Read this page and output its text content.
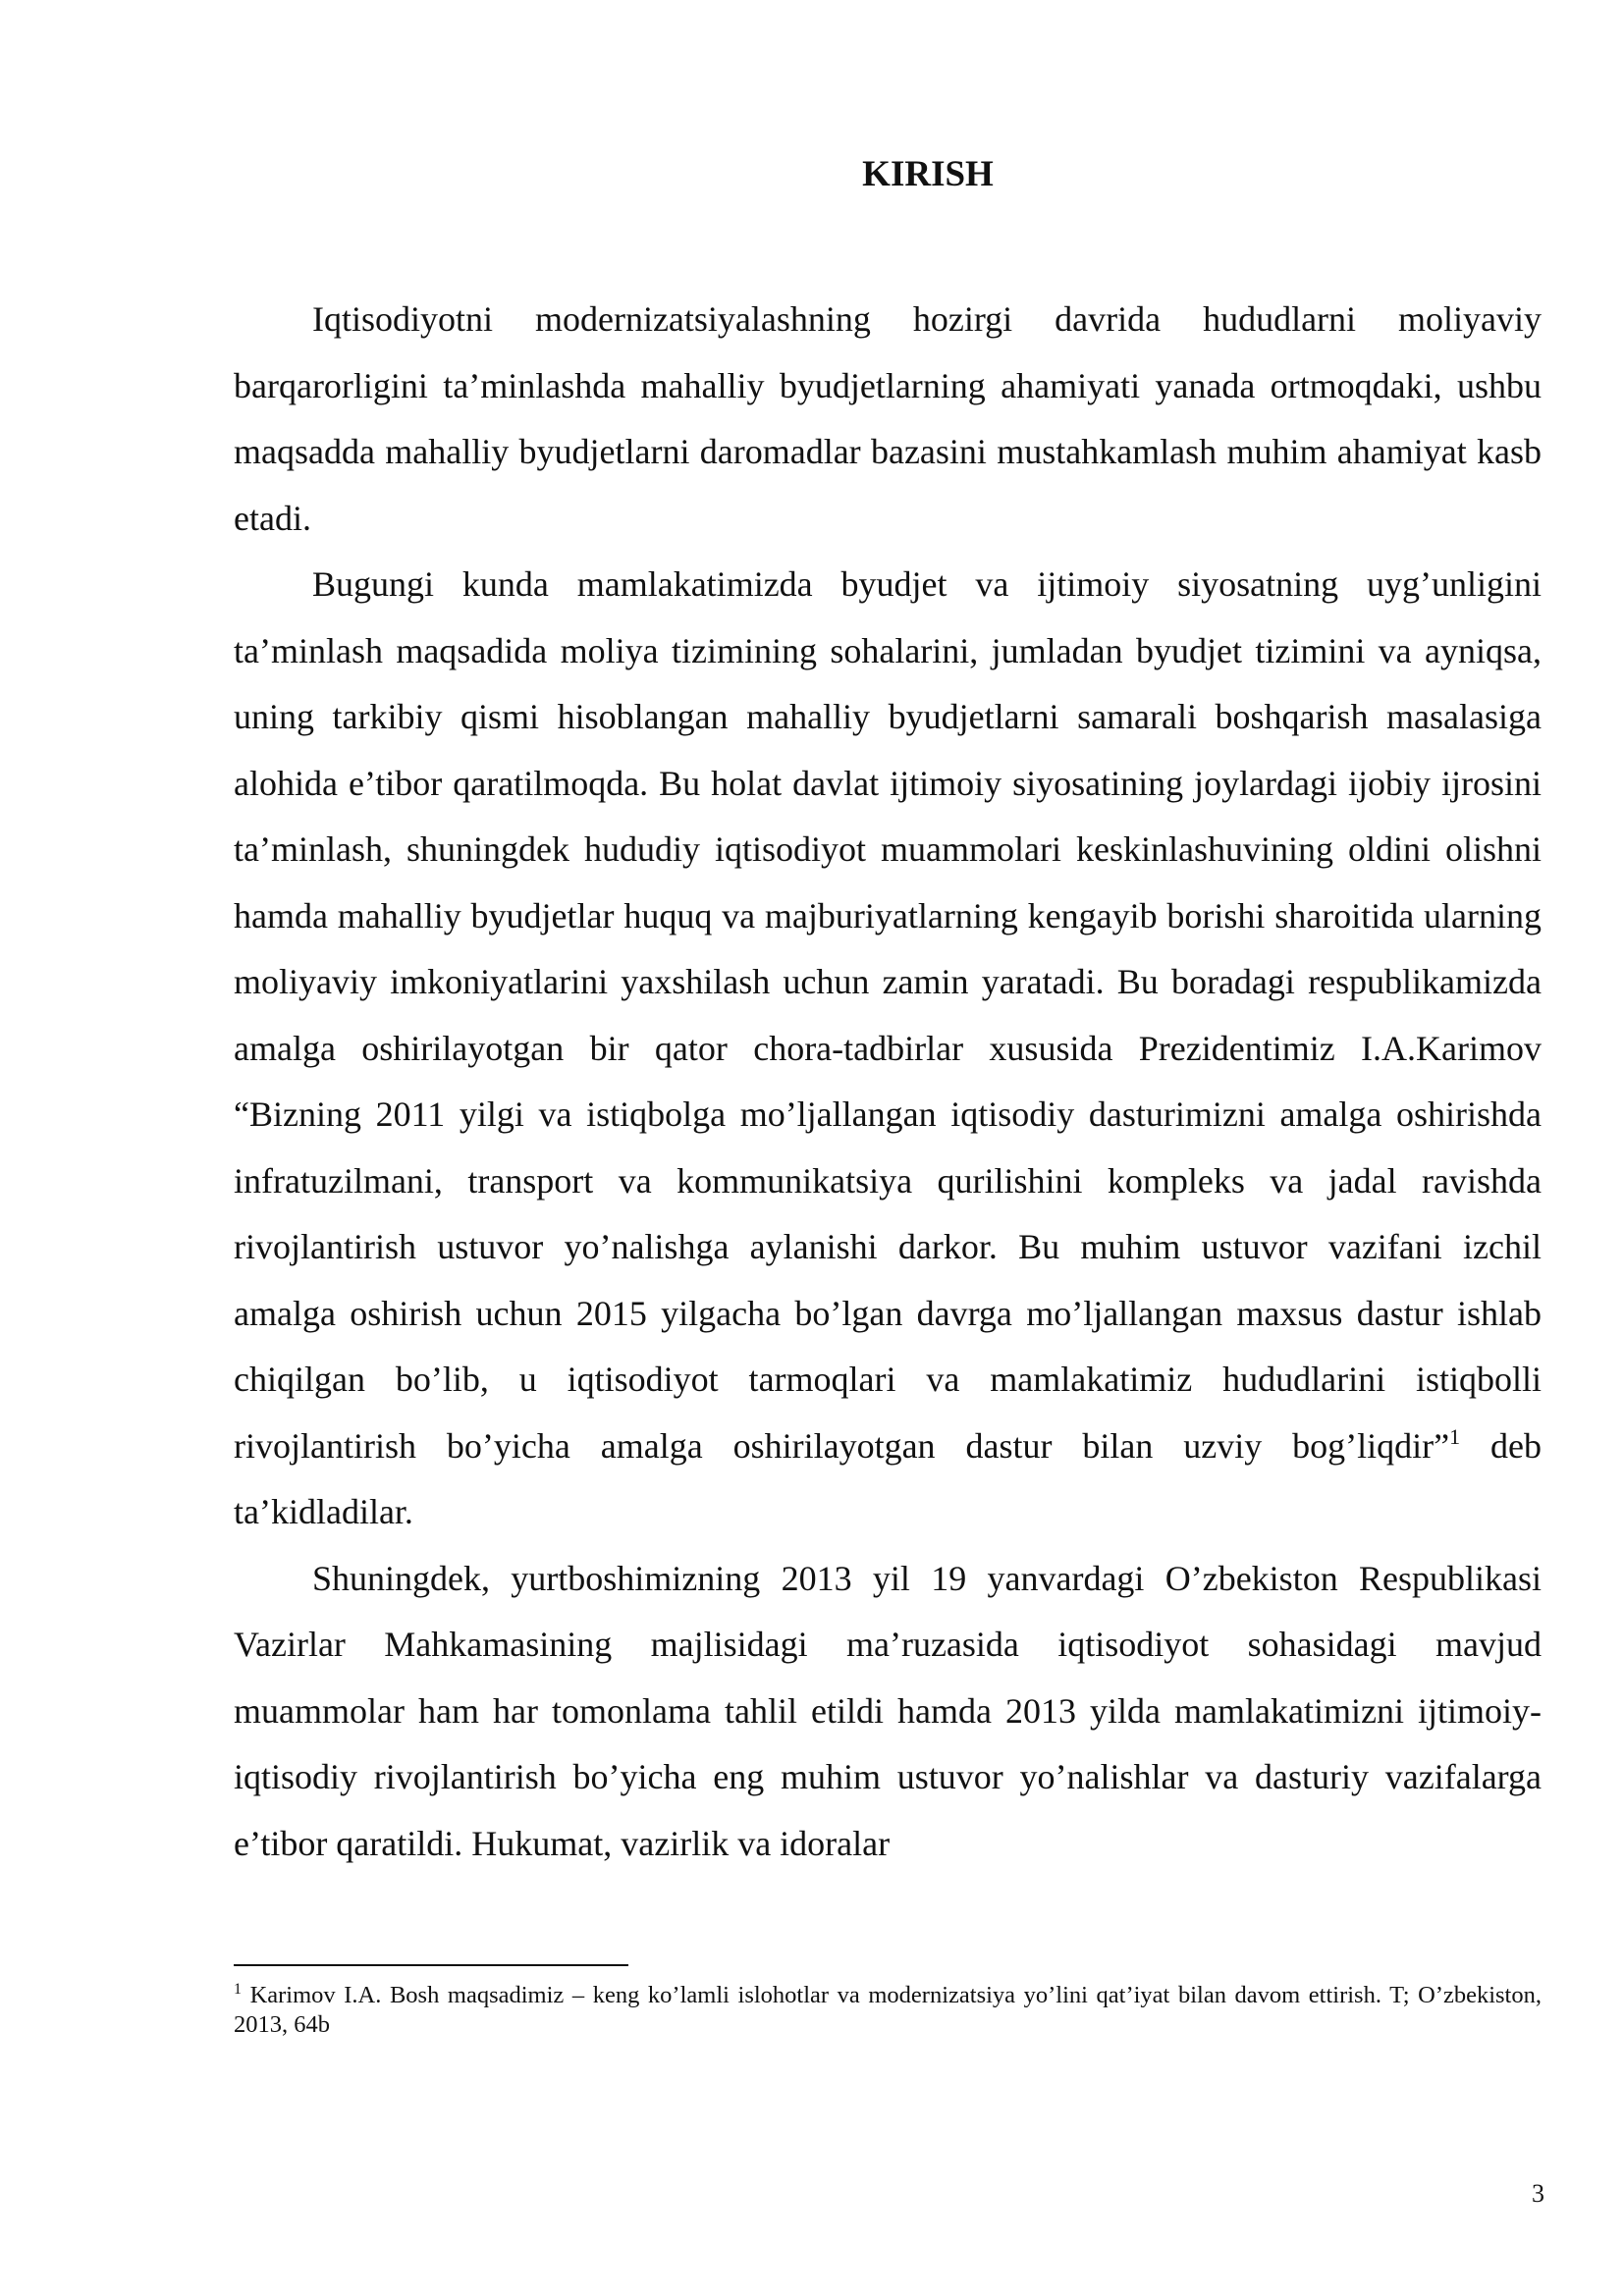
KIRISH

Iqtisodiyotni modernizatsiyalashning hozirgi davrida hududlarni moliyaviy barqarorligini ta’minlashda mahalliy byudjetlarning ahamiyati yanada ortmoqdaki, ushbu maqsadda mahalliy byudjetlarni daromadlar bazasini mustahkamlash muhim ahamiyat kasb etadi.

Bugungi kunda mamlakatimizda byudjet va ijtimoiy siyosatning uyg’unligini ta’minlash maqsadida moliya tizimining sohalarini, jumladan byudjet tizimini va ayniqsa, uning tarkibiy qismi hisoblangan mahalliy byudjetlarni samarali boshqarish masalasiga alohida e’tibor qaratilmoqda. Bu holat davlat ijtimoiy siyosatining joylardagi ijobiy ijrosini ta’minlash, shuningdek hududiy iqtisodiyot muammolari keskinlashuvining oldini olishni hamda mahalliy byudjetlar huquq va majburiyatlarning kengayib borishi sharoitida ularning moliyaviy imkoniyatlarini yaxshilash uchun zamin yaratadi. Bu boradagi respublikamizda amalga oshirilayotgan bir qator chora-tadbirlar xususida Prezidentimiz I.A.Karimov “Bizning 2011 yilgi va istiqbolga mo’ljallangan iqtisodiy dasturimizni amalga oshirishda infratuzilmani, transport va kommunikatsiya qurilishini kompleks va jadal ravishda rivojlantirish ustuvor yo’nalishga aylanishi darkor. Bu muhim ustuvor vazifani izchil amalga oshirish uchun 2015 yilgacha bo’lgan davrga mo’ljallangan maxsus dastur ishlab chiqilgan bo’lib, u iqtisodiyot tarmoqlari va mamlakatimiz hududlarini istiqbolli rivojlantirish bo’yicha amalga oshirilayotgan dastur bilan uzviy bog’liqdir”$^1$ deb ta’kidladilar.

Shuningdek, yurtboshimizning 2013 yil 19 yanvardagi O’zbekiston Respublikasi Vazirlar Mahkamasining majlisidagi ma’ruzasida iqtisodiyot sohasidagi mavjud muammolar ham har tomonlama tahlil etildi hamda 2013 yilda mamlakatimizni ijtimoiy-iqtisodiy rivojlantirish bo’yicha eng muhim ustuvor yo’nalishlar va dasturiy vazifalarga e’tibor qaratildi. Hukumat, vazirlik va idoralar

$^1$ Karimov I.A. Bosh maqsadimiz – keng ko’lamli islohotlar va modernizatsiya yo’lini qat’iyat bilan davom ettirish. T; O’zbekiston, 2013, 64b
3
